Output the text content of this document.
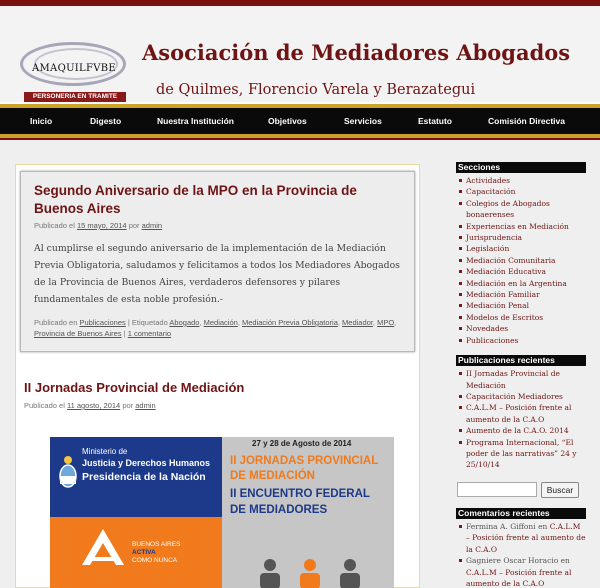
AMAQUILFVBE
PERSONERIA EN TRAMITE
Asociación de Mediadores Abogados
de Quilmes, Florencio Varela y Berazategui
Inicio	Digesto	Nuestra Institución	Objetivos	Servicios	Estatuto	Comisión Directiva
Segundo Aniversario de la MPO en la Provincia de Buenos Aires
Publicado el 15 mayo, 2014 por admin
Al cumplirse el segundo aniversario de la implementación de la Mediación Previa Obligatoria, saludamos y felicitamos a todos los Mediadores Abogados de la Provincia de Buenos Aires, verdaderos defensores y pilares fundamentales de esta noble profesión.-
Publicado en Publicaciones | Etiquetado Abogado, Mediación, Mediación Previa Obligatoria, Mediador, MPO, Provincia de Buenos Aires | 1 comentario
II Jornadas Provincial de Mediación
Publicado el 11 agosto, 2014 por admin
Ministerio de
Justicia y Derechos Humanos
Presidencia de la Nación
BUENOS AIRES
ACTIVA
COMO NUNCA
27 y 28 de Agosto de 2014
II JORNADAS PROVINCIAL
DE MEDIACIÓN
II ENCUENTRO FEDERAL
DE MEDIADORES
Secciones
Actividades
Capacitación
Colegios de Abogados bonaerenses
Experiencias en Mediación
Jurisprudencia
Legislación
Mediación Comunitaria
Mediación Educativa
Mediación en la Argentina
Mediación Familiar
Mediación Penal
Modelos de Escritos
Novedades
Publicaciones
Publicaciones recientes
II Jornadas Provincial de Mediación
Capacitación Mediadores
C.A.L.M – Posición frente al aumento de la C.A.O
Aumento de la C.A.O. 2014
Programa Internacional, “El poder de las narrativas” 24 y 25/10/14
Buscar
Comentarios recientes
Fermina A. Giffoni en C.A.L.M – Posición frente al aumento de la C.A.O
Gagniere Oscar Horacio en C.A.L.M – Posición frente al aumento de la C.A.O
